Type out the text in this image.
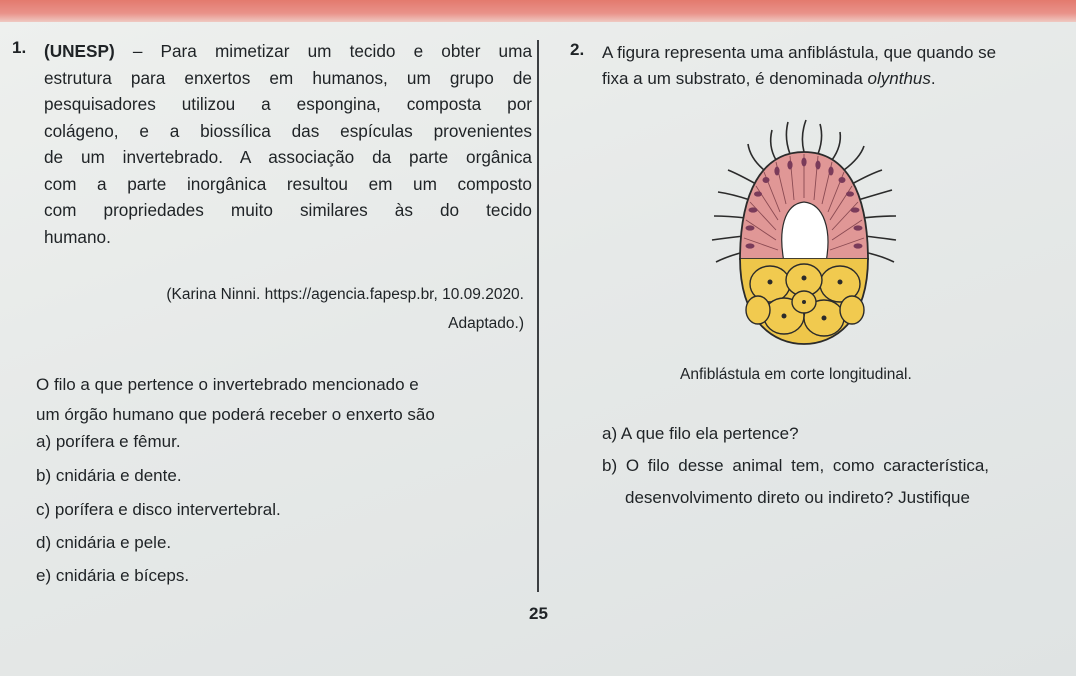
1. (UNESP) – Para mimetizar um tecido e obter uma
estrutura para enxertos em humanos, um grupo de
pesquisadores utilizou a espongina, composta por
colágeno, e a biossílica das espículas provenientes
de um invertebrado. A associação da parte orgânica
com a parte inorgânica resultou em um composto
com propriedades muito similares às do tecido
humano.
(Karina Ninni. https://agencia.fapesp.br, 10.09.2020.
Adaptado.)
O filo a que pertence o invertebrado mencionado e
um órgão humano que poderá receber o enxerto são
a) porífera e fêmur.
b) cnidária e dente.
c) porífera e disco intervertebral.
d) cnidária e pele.
e) cnidária e bíceps.
2. A figura representa uma anfiblástula, que quando se
fixa a um substrato, é denominada olynthus.
Anfiblástula em corte longitudinal.
a) A que filo ela pertence?
b) O filo desse animal tem, como característica,
desenvolvimento direto ou indireto? Justifique
25
